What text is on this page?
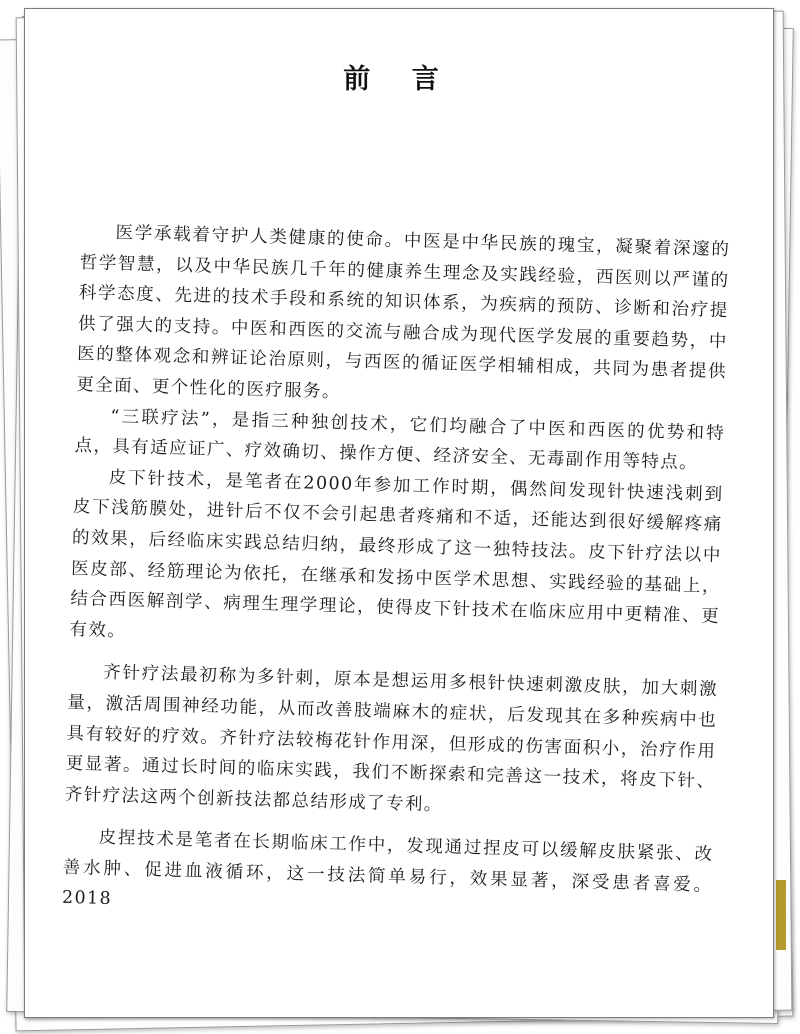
前 言

医学承载着守护人类健康的使命。中医是中华民族的瑰宝，凝聚着深邃的哲学智慧，以及中华民族几千年的健康养生理念及实践经验，西医则以严谨的科学态度、先进的技术手段和系统的知识体系，为疾病的预防、诊断和治疗提供了强大的支持。中医和西医的交流与融合成为现代医学发展的重要趋势，中医的整体观念和辨证论治原则，与西医的循证医学相辅相成，共同为患者提供更全面、更个性化的医疗服务。

“三联疗法”，是指三种独创技术，它们均融合了中医和西医的优势和特点，具有适应证广、疗效确切、操作方便、经济安全、无毒副作用等特点。

皮下针技术，是笔者在2000年参加工作时期，偶然间发现针快速浅刺到皮下浅筋膜处，进针后不仅不会引起患者疼痛和不适，还能达到很好缓解疼痛的效果，后经临床实践总结归纳，最终形成了这一独特技法。皮下针疗法以中医皮部、经筋理论为依托，在继承和发扬中医学术思想、实践经验的基础上，结合西医解剖学、病理生理学理论，使得皮下针技术在临床应用中更精准、更有效。

齐针疗法最初称为多针刺，原本是想运用多根针快速刺激皮肤，加大刺激量，激活周围神经功能，从而改善肢端麻木的症状，后发现其在多种疾病中也具有较好的疗效。齐针疗法较梅花针作用深，但形成的伤害面积小，治疗作用更显著。通过长时间的临床实践，我们不断探索和完善这一技术，将皮下针、齐针疗法这两个创新技法都总结形成了专利。

皮捏技术是笔者在长期临床工作中，发现通过捏皮可以缓解皮肤紧张、改善水肿、促进血液循环，这一技法简单易行，效果显著，深受患者喜爱。2018
